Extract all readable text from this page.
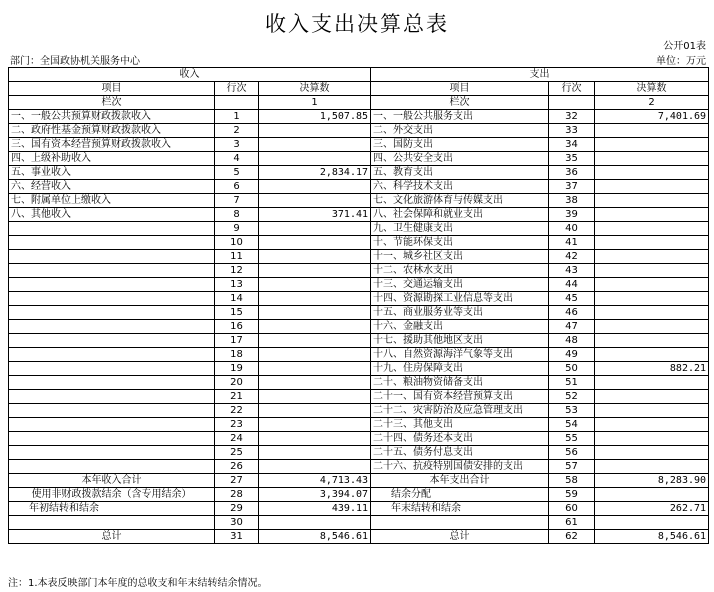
收入支出决算总表
公开01表
部门：全国政协机关服务中心	单位：万元
收入			支出		
项目	行次	决算数	项目	行次	决算数
栏次		1	栏次		2
一、一般公共预算财政拨款收入	1	1,507.85	一、一般公共服务支出	32	7,401.69
二、政府性基金预算财政拨款收入	2		二、外交支出	33	
三、国有资本经营预算财政拨款收入	3		三、国防支出	34	
四、上级补助收入	4		四、公共安全支出	35	
五、事业收入	5	2,834.17	五、教育支出	36	
六、经营收入	6		六、科学技术支出	37	
七、附属单位上缴收入	7		七、文化旅游体育与传媒支出	38	
八、其他收入	8	371.41	八、社会保障和就业支出	39	
	9		九、卫生健康支出	40	
	10		十、节能环保支出	41	
	11		十一、城乡社区支出	42	
	12		十二、农林水支出	43	
	13		十三、交通运输支出	44	
	14		十四、资源勘探工业信息等支出	45	
	15		十五、商业服务业等支出	46	
	16		十六、金融支出	47	
	17		十七、援助其他地区支出	48	
	18		十八、自然资源海洋气象等支出	49	
	19		十九、住房保障支出	50	882.21
	20		二十、粮油物资储备支出	51	
	21		二十一、国有资本经营预算支出	52	
	22		二十二、灾害防治及应急管理支出	53	
	23		二十三、其他支出	54	
	24		二十四、债务还本支出	55	
	25		二十五、债务付息支出	56	
	26		二十六、抗疫特别国债安排的支出	57	
本年收入合计	27	4,713.43	本年支出合计	58	8,283.90
使用非财政拨款结余（含专用结余）	28	3,394.07	结余分配	59	
年初结转和结余	29	439.11	年末结转和结余	60	262.71
	30			61	
总计	31	8,546.61	总计	62	8,546.61
注：1.本表反映部门本年度的总收支和年末结转结余情况。
